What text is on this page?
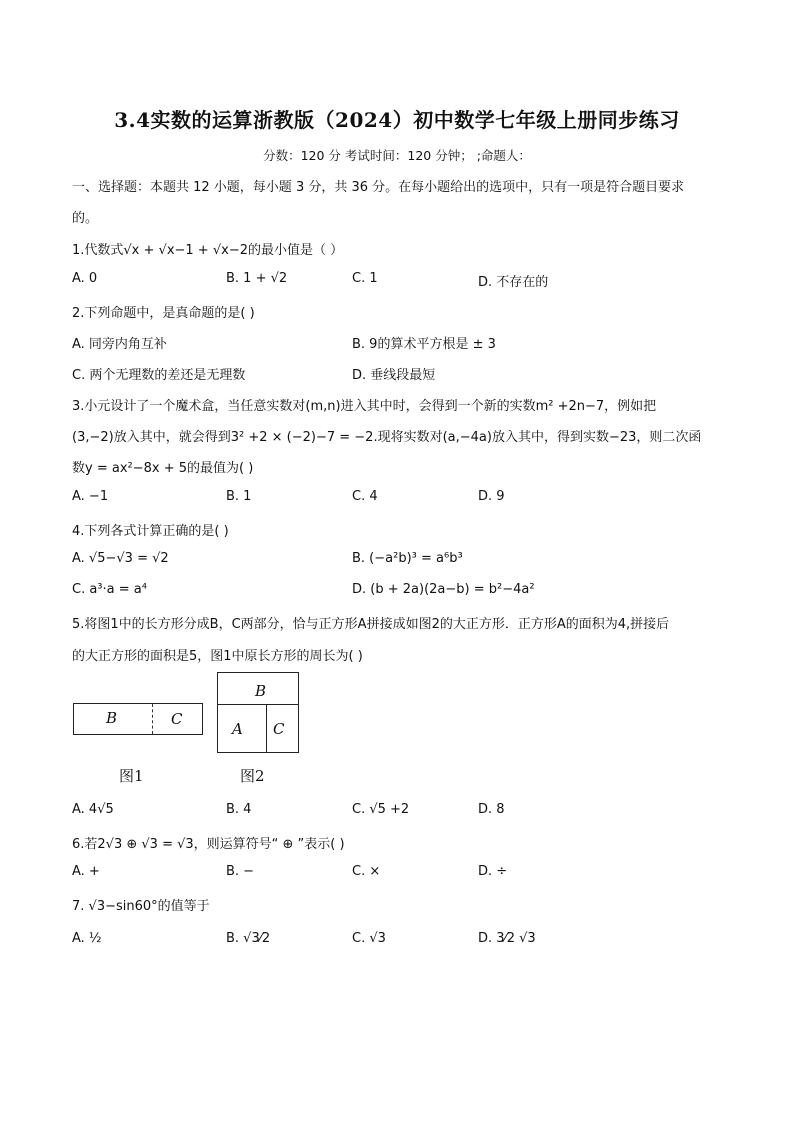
3.4实数的运算浙教版（2024）初中数学七年级上册同步练习
分数：120 分 考试时间：120 分钟； ;命题人：
一、选择题：本题共 12 小题，每小题 3 分，共 36 分。在每小题给出的选项中，只有一项是符合题目要求
的。
1.代数式√x + √x−1 + √x−2的最小值是（ ）
A. 0	B. 1 + √2	C. 1	D. 不存在的
2.下列命题中，是真命题的是( )
A. 同旁内角互补	B. 9的算术平方根是 ± 3
C. 两个无理数的差还是无理数	D. 垂线段最短
3.小元设计了一个魔术盒，当任意实数对(m,n)进入其中时，会得到一个新的实数m² +2n−7，例如把
(3,−2)放入其中，就会得到3² +2 × (−2)−7 = −2.现将实数对(a,−4a)放入其中，得到实数−23，则二次函
数y = ax²−8x + 5的最值为( )
A. −1	B. 1	C. 4	D. 9
4.下列各式计算正确的是( )
A. √5−√3 = √2	B. (−a²b)³ = a⁶b³
C. a³·a = a⁴	D. (b + 2a)(2a−b) = b²−4a²
5.将图1中的长方形分成B，C两部分，恰与正方形A拼接成如图2的大正方形．正方形A的面积为4,拼接后
的大正方形的面积是5，图1中原长方形的周长为( )
B	C
图1
B
A C
图2
A. 4√5	B. 4	C. √5 +2	D. 8
6.若2√3 ⊕ √3 = √3，则运算符号“ ⊕ ”表示( )
A. +	B. −	C. ×	D. ÷
7. √3−sin60°的值等于
A. ½	B. √3⁄2	C. √3	D. 3⁄2 √3
